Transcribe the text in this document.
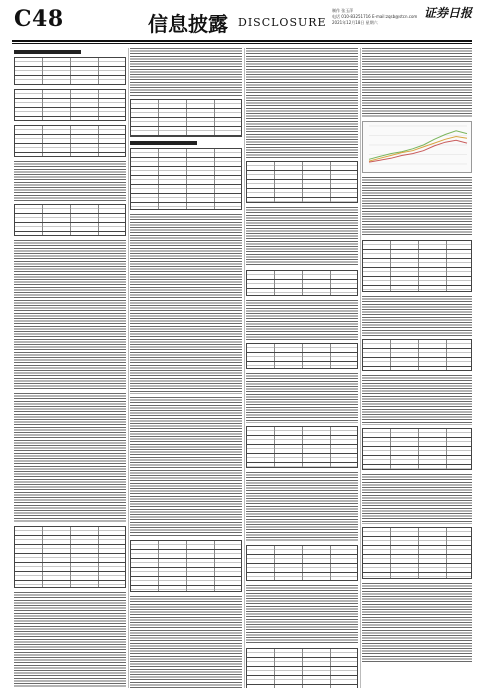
C48	信息披露 DISCLOSURE
制作 张玉萍
电话 010-83251716 E-mail:zqsb@stcn.com
2021年12月18日 星期六
证券日报
